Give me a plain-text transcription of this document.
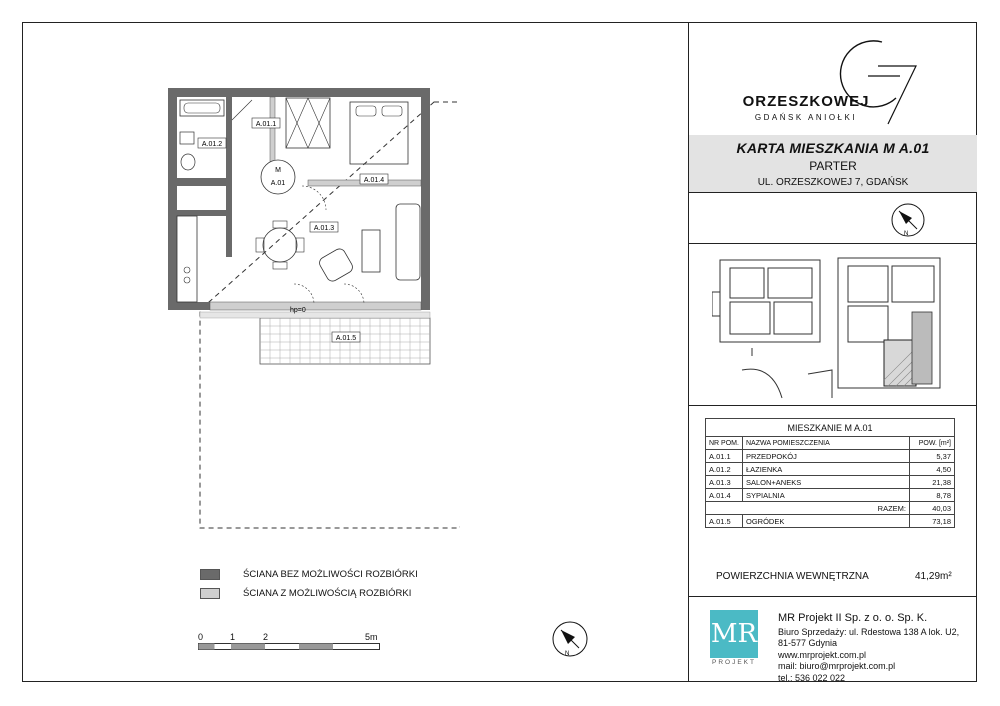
ORZESZKOWEJ
GDAŃSK ANIOŁKI
KARTA MIESZKANIA M A.01
PARTER
UL. ORZESZKOWEJ 7, GDAŃSK
N
MIESZKANIE M A.01		
NR POM.	NAZWA POMIESZCZENIA	POW. [m²]
A.01.1	PRZEDPOKÓJ	5,37
A.01.2	ŁAZIENKA	4,50
A.01.3	SALON+ANEKS	21,38
A.01.4	SYPIALNIA	8,78
RAZEM:		40,03
A.01.5	OGRÓDEK	73,18
POWIERZCHNIA WEWNĘTRZNA	41,29m²
M
A.01
A.01.1
A.01.2
A.01.3
A.01.4
A.01.5
hp=0
ŚCIANA BEZ MOŻLIWOŚCI ROZBIÓRKI
ŚCIANA Z MOŻLIWOŚCIĄ ROZBIÓRKI
0	1	2	5m
N
MR
PROJEKT
MR Projekt II Sp. z o. o. Sp. K.
Biuro Sprzedaży: ul. Rdestowa 138 A lok. U2,
81-577 Gdynia
www.mrprojekt.com.pl
mail: biuro@mrprojekt.com.pl
tel.: 536 022 022
